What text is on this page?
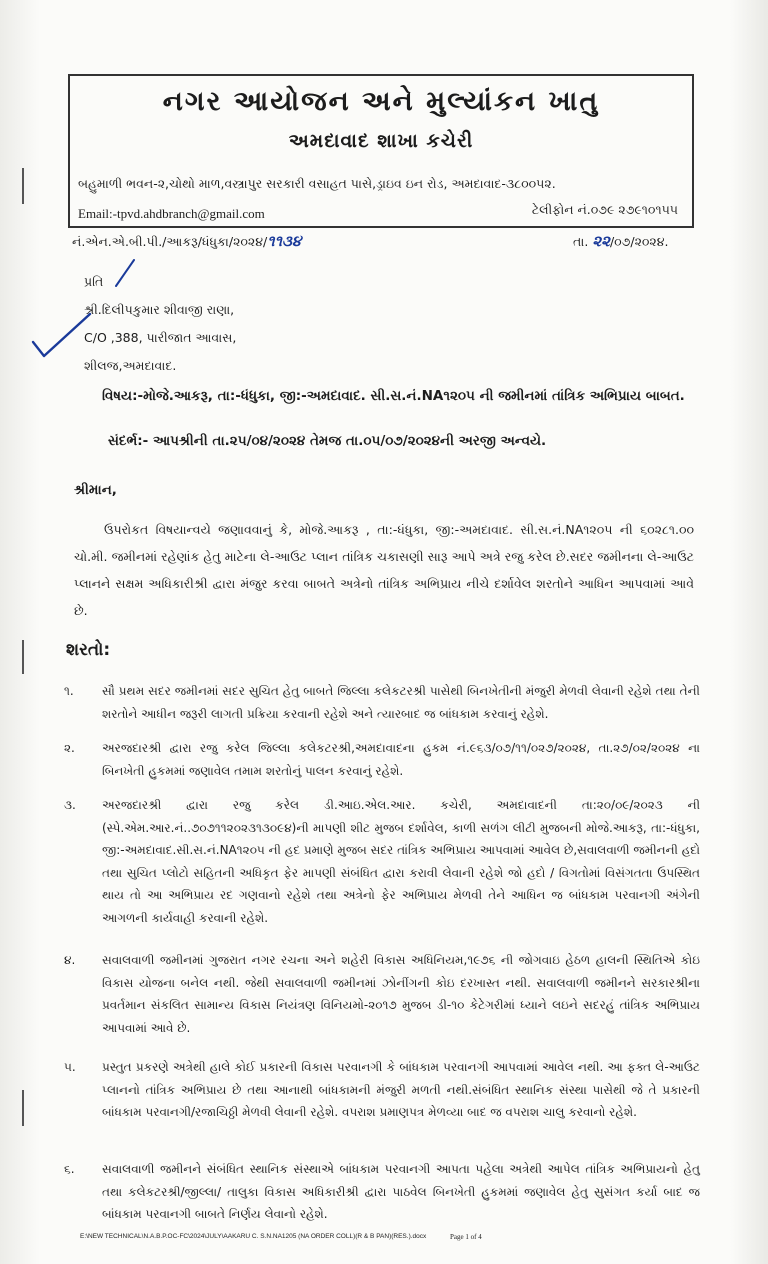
નગર આયોજન અને મુલ્યાંકન ખાતુ
અમદાવાદ શાખા કચેરી
બહુમાળી ભવન-૨,ચોથો માળ,વસ્ત્રાપુર સરકારી વસાહત પાસે,ડ્રાઇવ ઇન રોડ, અમદાવાદ-૩૮૦૦૫૨.
Email:-tpvd.ahdbranch@gmail.com	ટેલીફોન નં.૦૭૯ ૨૭૯૧૦૧૫૫
નં.એન.એ.બી.પી./આકરૂ/ધંધુકા/૨૦૨૪/૧૧૩૪	તા. ૨૨/૦૭/૨૦૨૪.
પ્રતિ
શ્રી.દિલીપકુમાર શીવાજી રાણા,
C/O ,388, પારીજાત આવાસ,
શીલજ,અમદાવાદ.
વિષય:-મોજે.આકરૂ, તા:-ધંધુકા, જી:-અમદાવાદ. સી.સ.નં.NA૧૨૦૫ ની જમીનમાં તાંત્રિક અભિપ્રાય બાબત.
સંદર્ભ:- આપશ્રીની તા.૨૫/૦૪/૨૦૨૪ તેમજ તા.૦૫/૦૭/૨૦૨૪ની અરજી અન્વયે.
શ્રીમાન,
ઉપરોકત વિષયાન્વયે જણાવવાનું કે, મોજે.આકરૂ , તા:-ધંધુકા, જી:-અમદાવાદ. સી.સ.નં.NA૧૨૦૫ ની ૬૦૨૮૧.૦૦ ચો.મી. જમીનમાં રહેણાંક હેતુ માટેના લે-આઉટ પ્લાન તાંત્રિક ચકાસણી સારૂ આપે અત્રે રજુ કરેલ છે.સદર જમીનના લે-આઉટ પ્લાનને સક્ષમ અધિકારીશ્રી દ્વારા મંજુર કરવા બાબતે અત્રેનો તાંત્રિક અભિપ્રાય નીચે દર્શાવેલ શરતોને આધિન આપવામાં આવે છે.
શરતો:
૧.	સૌ પ્રથમ સદર જમીનમાં સદર સુચિત હેતુ બાબતે જિલ્લા કલેકટરશ્રી પાસેથી બિનખેતીની મંજુરી મેળવી લેવાની રહેશે તથા તેની શરતોને આધીન જરૂરી લાગતી પ્રક્રિયા કરવાની રહેશે અને ત્યારબાદ જ બાંધકામ કરવાનું રહેશે.
૨.	અરજદારશ્રી દ્વારા રજુ કરેલ જિલ્લા કલેકટરશ્રી,અમદાવાદના હુકમ નં.૯૬૩/૦૭/૧૧/૦૨૭/૨૦૨૪, તા.૨૭/૦૨/૨૦૨૪ ના બિનખેતી હુકમમાં જણાવેલ તમામ શરતોનું પાલન કરવાનું રહેશે.
૩.	અરજદારશ્રી દ્વારા રજુ કરેલ ડી.આઇ.એલ.આર. કચેરી, અમદાવાદની તા:૨૦/૦૯/૨૦૨૩ ની (સ્પે.એમ.આર.નં..૭૦૭૧૧૨૦૨૩૧૩૦૯૪)ની માપણી શીટ મુજબ દર્શાવેલ, કાળી સળંગ લીટી મુજબની મોજે.આકરૂ, તા:-ધંધુકા, જી:-અમદાવાદ.સી.સ.નં.NA૧૨૦૫ ની હદ પ્રમાણે મુજબ સદર તાંત્રિક અભિપ્રાય આપવામાં આવેલ છે,સવાલવાળી જમીનની હદો તથા સુચિત પ્લોટો સહિતની અધિકૃત ફેર માપણી સંબંધિત દ્વારા કરાવી લેવાની રહેશે જો હદો / વિગતોમાં વિસંગતતા ઉપસ્થિત થાય તો આ અભિપ્રાય રદ ગણવાનો રહેશે તથા અત્રેનો ફેર અભિપ્રાય મેળવી તેને આધિન જ બાંધકામ પરવાનગી અંગેની આગળની કાર્યવાહી કરવાની રહેશે.
૪.	સવાલવાળી જમીનમાં ગુજરાત નગર રચના અને શહેરી વિકાસ અધિનિયમ,૧૯૭૬ ની જોગવાઇ હેઠળ હાલની સ્થિતિએ કોઇ વિકાસ યોજના બનેલ નથી. જેથી સવાલવાળી જમીનમાં ઝોનીંગની કોઇ દરખાસ્ત નથી. સવાલવાળી જમીનને સરકારશ્રીના પ્રવર્તમાન સંકલિત સામાન્ય વિકાસ નિયંત્રણ વિનિયમો-૨૦૧૭ મુજબ ડી-૧૦ કેટેગરીમાં ધ્યાને લઇને સદરહું તાંત્રિક અભિપ્રાય આપવામાં આવે છે.
૫.	પ્રસ્તુત પ્રકરણે અત્રેથી હાલે કોઈ પ્રકારની વિકાસ પરવાનગી કે બાંધકામ પરવાનગી આપવામાં આવેલ નથી. આ ફક્ત લે-આઉટ પ્લાનનો તાંત્રિક અભિપ્રાય છે તથા આનાથી બાંધકામની મંજુરી મળતી નથી.સંબંધિત સ્થાનિક સંસ્થા પાસેથી જે તે પ્રકારની બાંધકામ પરવાનગી/રજાચિઠ્ઠી મેળવી લેવાની રહેશે. વપરાશ પ્રમાણપત્ર મેળવ્યા બાદ જ વપરાશ ચાલુ કરવાનો રહેશે.
૬.	સવાલવાળી જમીનને સંબંધિત સ્થાનિક સંસ્થાએ બાંધકામ પરવાનગી આપતા પહેલા અત્રેથી આપેલ તાંત્રિક અભિપ્રાયનો હેતુ તથા કલેકટરશ્રી/જીલ્લા/ તાલુકા વિકાસ અધિકારીશ્રી દ્વારા પાઠવેલ બિનખેતી હુકમમાં જણાવેલ હેતુ સુસંગત કર્યા બાદ જ બાંધકામ પરવાનગી બાબતે નિર્ણય લેવાનો રહેશે.
E:\NEW TECHNICAL\N.A.B.P.OC-FC\2024\JULY\AAKARU C. S.N.NA1205 (NA ORDER COLL)(R & B PAN)(RES.).docx	Page 1 of 4
